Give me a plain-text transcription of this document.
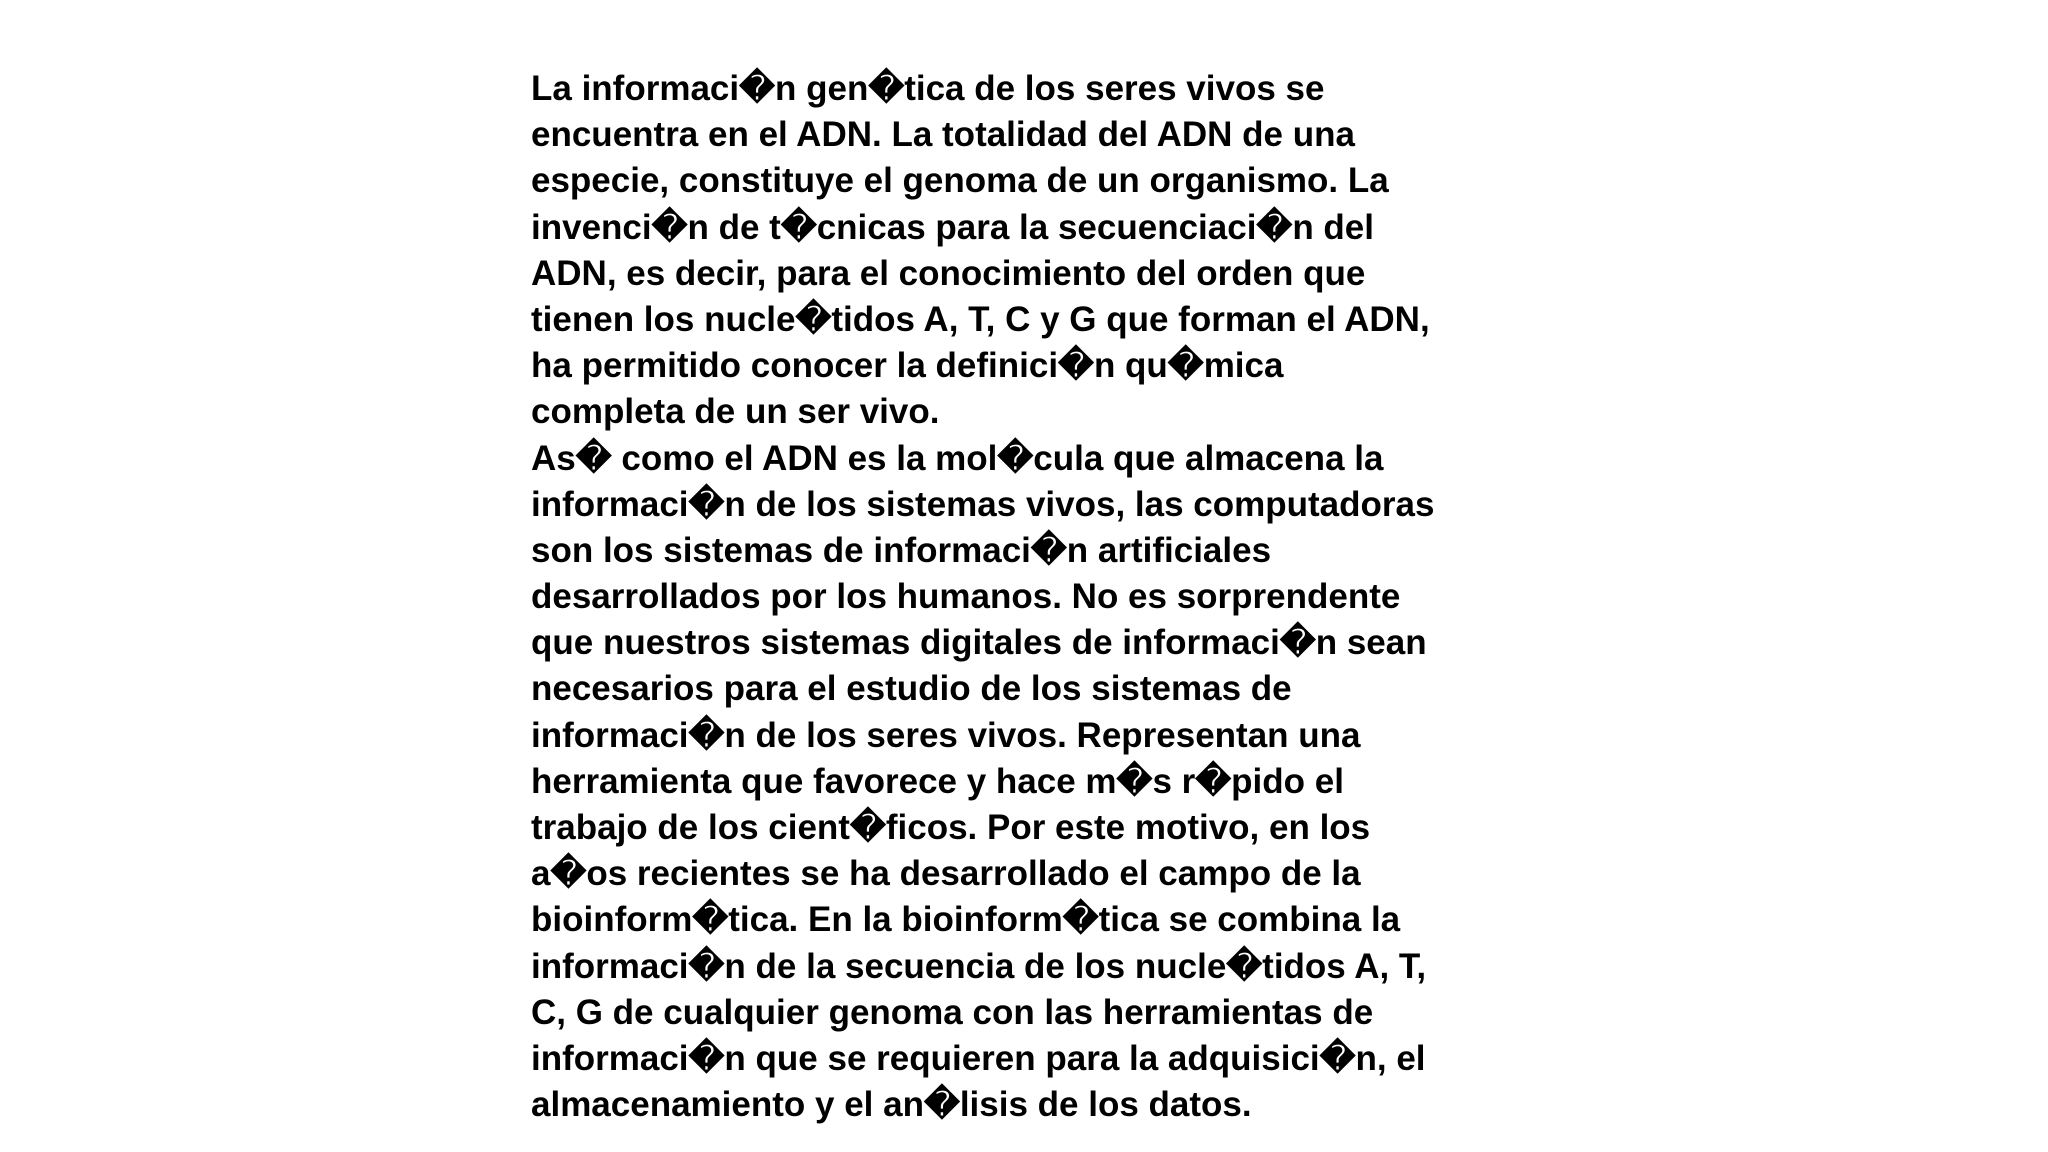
La informaci�n gen�tica de los seres vivos se
encuentra en el ADN. La totalidad del ADN de una
especie, constituye el genoma de un organismo. La
invenci�n de t�cnicas para la secuenciaci�n del
ADN, es decir, para el conocimiento del orden que
tienen los nucle�tidos A, T, C y G que forman el ADN,
ha permitido conocer la definici�n qu�mica
completa de un ser vivo.
As� como el ADN es la mol�cula que almacena la
informaci�n de los sistemas vivos, las computadoras
son los sistemas de informaci�n artificiales
desarrollados por los humanos. No es sorprendente
que nuestros sistemas digitales de informaci�n sean
necesarios para el estudio de los sistemas de
informaci�n de los seres vivos. Representan una
herramienta que favorece y hace m�s r�pido el
trabajo de los cient�ficos. Por este motivo, en los
a�os recientes se ha desarrollado el campo de la
bioinform�tica. En la bioinform�tica se combina la
informaci�n de la secuencia de los nucle�tidos A, T,
C, G de cualquier genoma con las herramientas de
informaci�n que se requieren para la adquisici�n, el
almacenamiento y el an�lisis de los datos.
